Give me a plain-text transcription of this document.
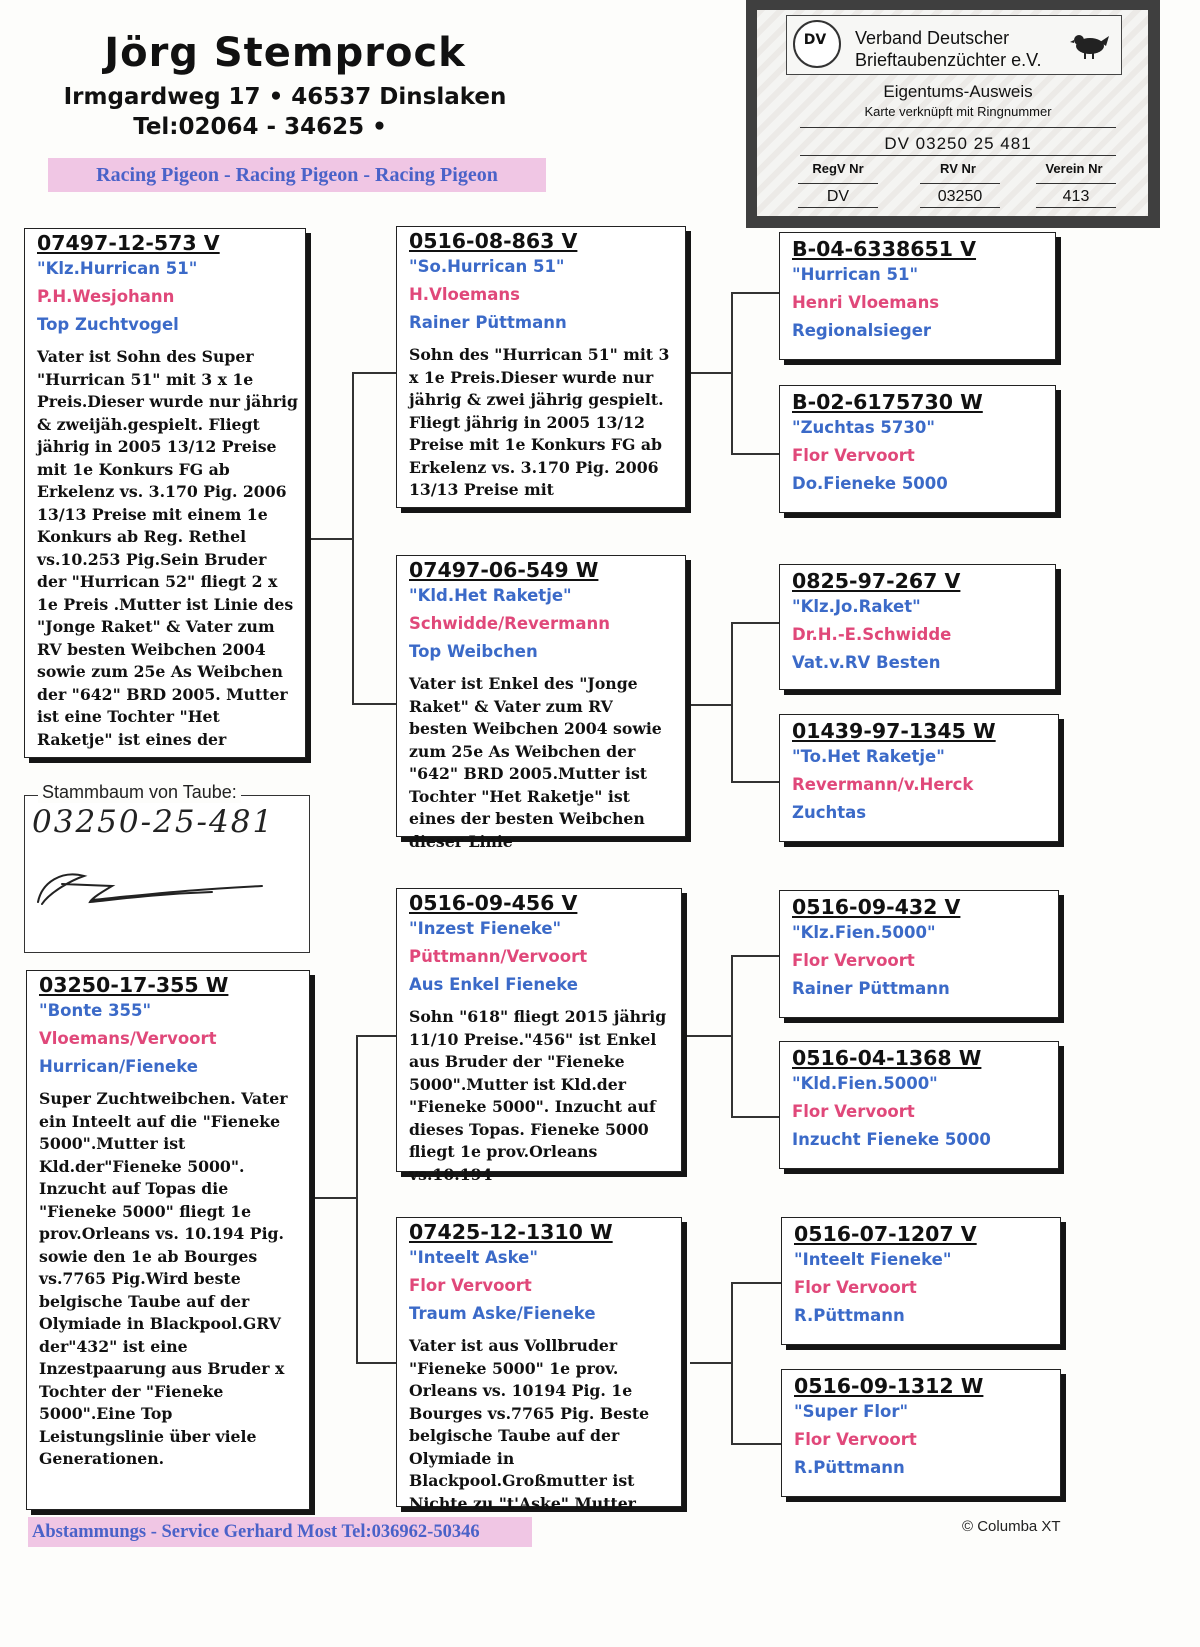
Jörg Stemprock
Irmgardweg 17 • 46537 Dinslaken
Tel:02064 - 34625 •
Racing Pigeon - Racing Pigeon - Racing Pigeon
DV Verband Deutscher
Brieftaubenzüchter e.V.
Eigentums-Ausweis
Karte verknüpft mit Ringnummer
DV 03250 25 481
RegV Nr	RV Nr	Verein Nr
DV	03250	413
07497-12-573 V
"Klz.Hurrican 51"
P.H.Wesjohann
Top Zuchtvogel
Vater ist Sohn des Super "Hurrican 51" mit 3 x 1e Preis.Dieser wurde nur jährig & zweijäh.gespielt. Fliegt jährig in 2005 13/12 Preise mit 1e Konkurs FG ab Erkelenz vs. 3.170 Pig. 2006 13/13 Preise mit einem 1e Konkurs ab Reg. Rethel vs.10.253 Pig.Sein Bruder der "Hurrican 52" fliegt 2 x 1e Preis .Mutter ist Linie des "Jonge Raket" & Vater zum RV besten Weibchen 2004 sowie zum 25e As Weibchen der "642" BRD 2005. Mutter ist eine Tochter "Het Raketje" ist eines der
Stammbaum von Taube:
03250-25-481
03250-17-355 W
"Bonte 355"
Vloemans/Vervoort
Hurrican/Fieneke
Super Zuchtweibchen. Vater ein Inteelt auf die "Fieneke 5000".Mutter ist Kld.der"Fieneke 5000". Inzucht auf Topas die "Fieneke 5000" fliegt 1e prov.Orleans vs. 10.194 Pig. sowie den 1e ab Bourges vs.7765 Pig.Wird beste belgische Taube auf der Olymiade in Blackpool.GRV der"432" ist eine Inzestpaarung aus Bruder x Tochter der "Fieneke 5000".Eine Top Leistungslinie über viele Generationen.
0516-08-863 V
"So.Hurrican 51"
H.Vloemans
Rainer Püttmann
Sohn des "Hurrican 51" mit 3 x 1e Preis.Dieser wurde nur jährig & zwei jährig gespielt. Fliegt jährig in 2005 13/12 Preise mit 1e Konkurs FG ab Erkelenz vs. 3.170 Pig. 2006 13/13 Preise mit
07497-06-549 W
"Kld.Het Raketje"
Schwidde/Revermann
Top Weibchen
Vater ist Enkel des "Jonge Raket" & Vater zum RV besten Weibchen 2004 sowie zum 25e As Weibchen der "642" BRD 2005.Mutter ist Tochter "Het Raketje" ist eines der besten Weibchen dieser Linie
0516-09-456 V
"Inzest Fieneke"
Püttmann/Vervoort
Aus Enkel Fieneke
Sohn "618" fliegt 2015 jährig 11/10 Preise."456" ist Enkel aus Bruder der "Fieneke 5000".Mutter ist Kld.der "Fieneke 5000". Inzucht auf dieses Topas. Fieneke 5000 fliegt 1e prov.Orleans vs.10.194
07425-12-1310 W
"Inteelt Aske"
Flor Vervoort
Traum Aske/Fieneke
Vater ist aus Vollbruder "Fieneke 5000" 1e prov. Orleans vs. 10194 Pig. 1e Bourges vs.7765 Pig. Beste belgische Taube auf der Olymiade in Blackpool.Großmutter ist Nichte zu "t'Aske" Mutter
B-04-6338651 V
"Hurrican 51"
Henri Vloemans
Regionalsieger
B-02-6175730 W
"Zuchtas 5730"
Flor Vervoort
Do.Fieneke 5000
0825-97-267 V
"Klz.Jo.Raket"
Dr.H.-E.Schwidde
Vat.v.RV Besten
01439-97-1345 W
"To.Het Raketje"
Revermann/v.Herck
Zuchtas
0516-09-432 V
"Klz.Fien.5000"
Flor Vervoort
Rainer Püttmann
0516-04-1368 W
"Kld.Fien.5000"
Flor Vervoort
Inzucht Fieneke 5000
0516-07-1207 V
"Inteelt Fieneke"
Flor Vervoort
R.Püttmann
0516-09-1312 W
"Super Flor"
Flor Vervoort
R.Püttmann
Abstammungs - Service Gerhard Most Tel:036962-50346	© Columba XT
